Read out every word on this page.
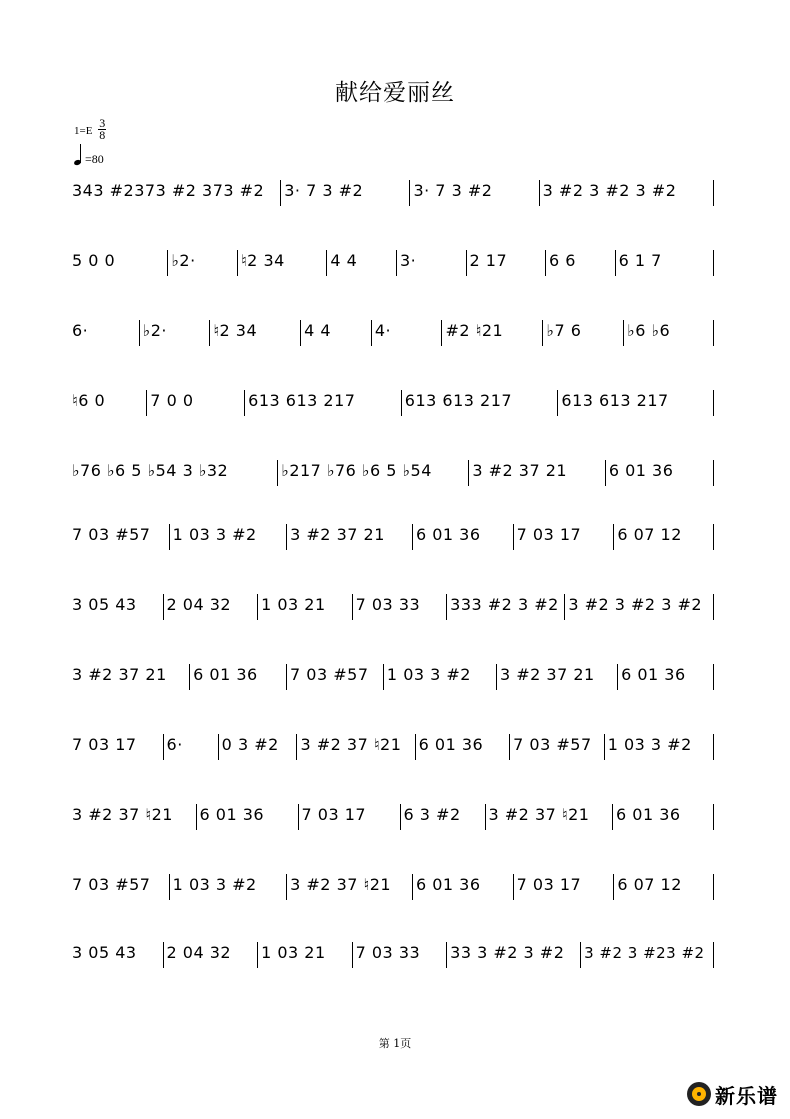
献给爱丽丝
$1=E \frac{3}{8}$
=80
343 #2373 #2 373 #2	3· 7 3 #2	3· 7 3 #2	3 #2 3 #2 3 #2
5 0 0	♭2·	♮2 34	4 4	3·	2 17	6 6	6 1 7
6·	♭2·	♮2 34	4 4	4·	#2 ♮21	♭7 6	♭6 ♭6
♮6 0	7 0 0	613 613 217	613 613 217	613 613 217
♭76 ♭6 5 ♭54 3 ♭32	♭217 ♭76 ♭6 5 ♭54	3 #2 37 21	6 01 36
7 03 #57	1 03 3 #2	3 #2 37 21	6 01 36	7 03 17	6 07 12
3 05 43	2 04 32	1 03 21	7 03 33	333 #2 3 #2 3 #2 3 #2 3 #2
3 #2 37 21	6 01 36	7 03 #57	1 03 3 #2	3 #2 37 21	6 01 36
7 03 17	6·	0 3 #2	3 #2 37 ♮21	6 01 36	7 03 #57	1 03 3 #2
3 #2 37 ♮21	6 01 36	7 03 17	6 3 #2	3 #2 37 ♮21	6 01 36
7 03 #57	1 03 3 #2	3 #2 37 ♮21	6 01 36	7 03 17	6 07 12
3 05 43	2 04 32	1 03 21	7 03 33	33 3 #2 3 #2	3 #2 3 #23 #2
第 1页
新乐谱
